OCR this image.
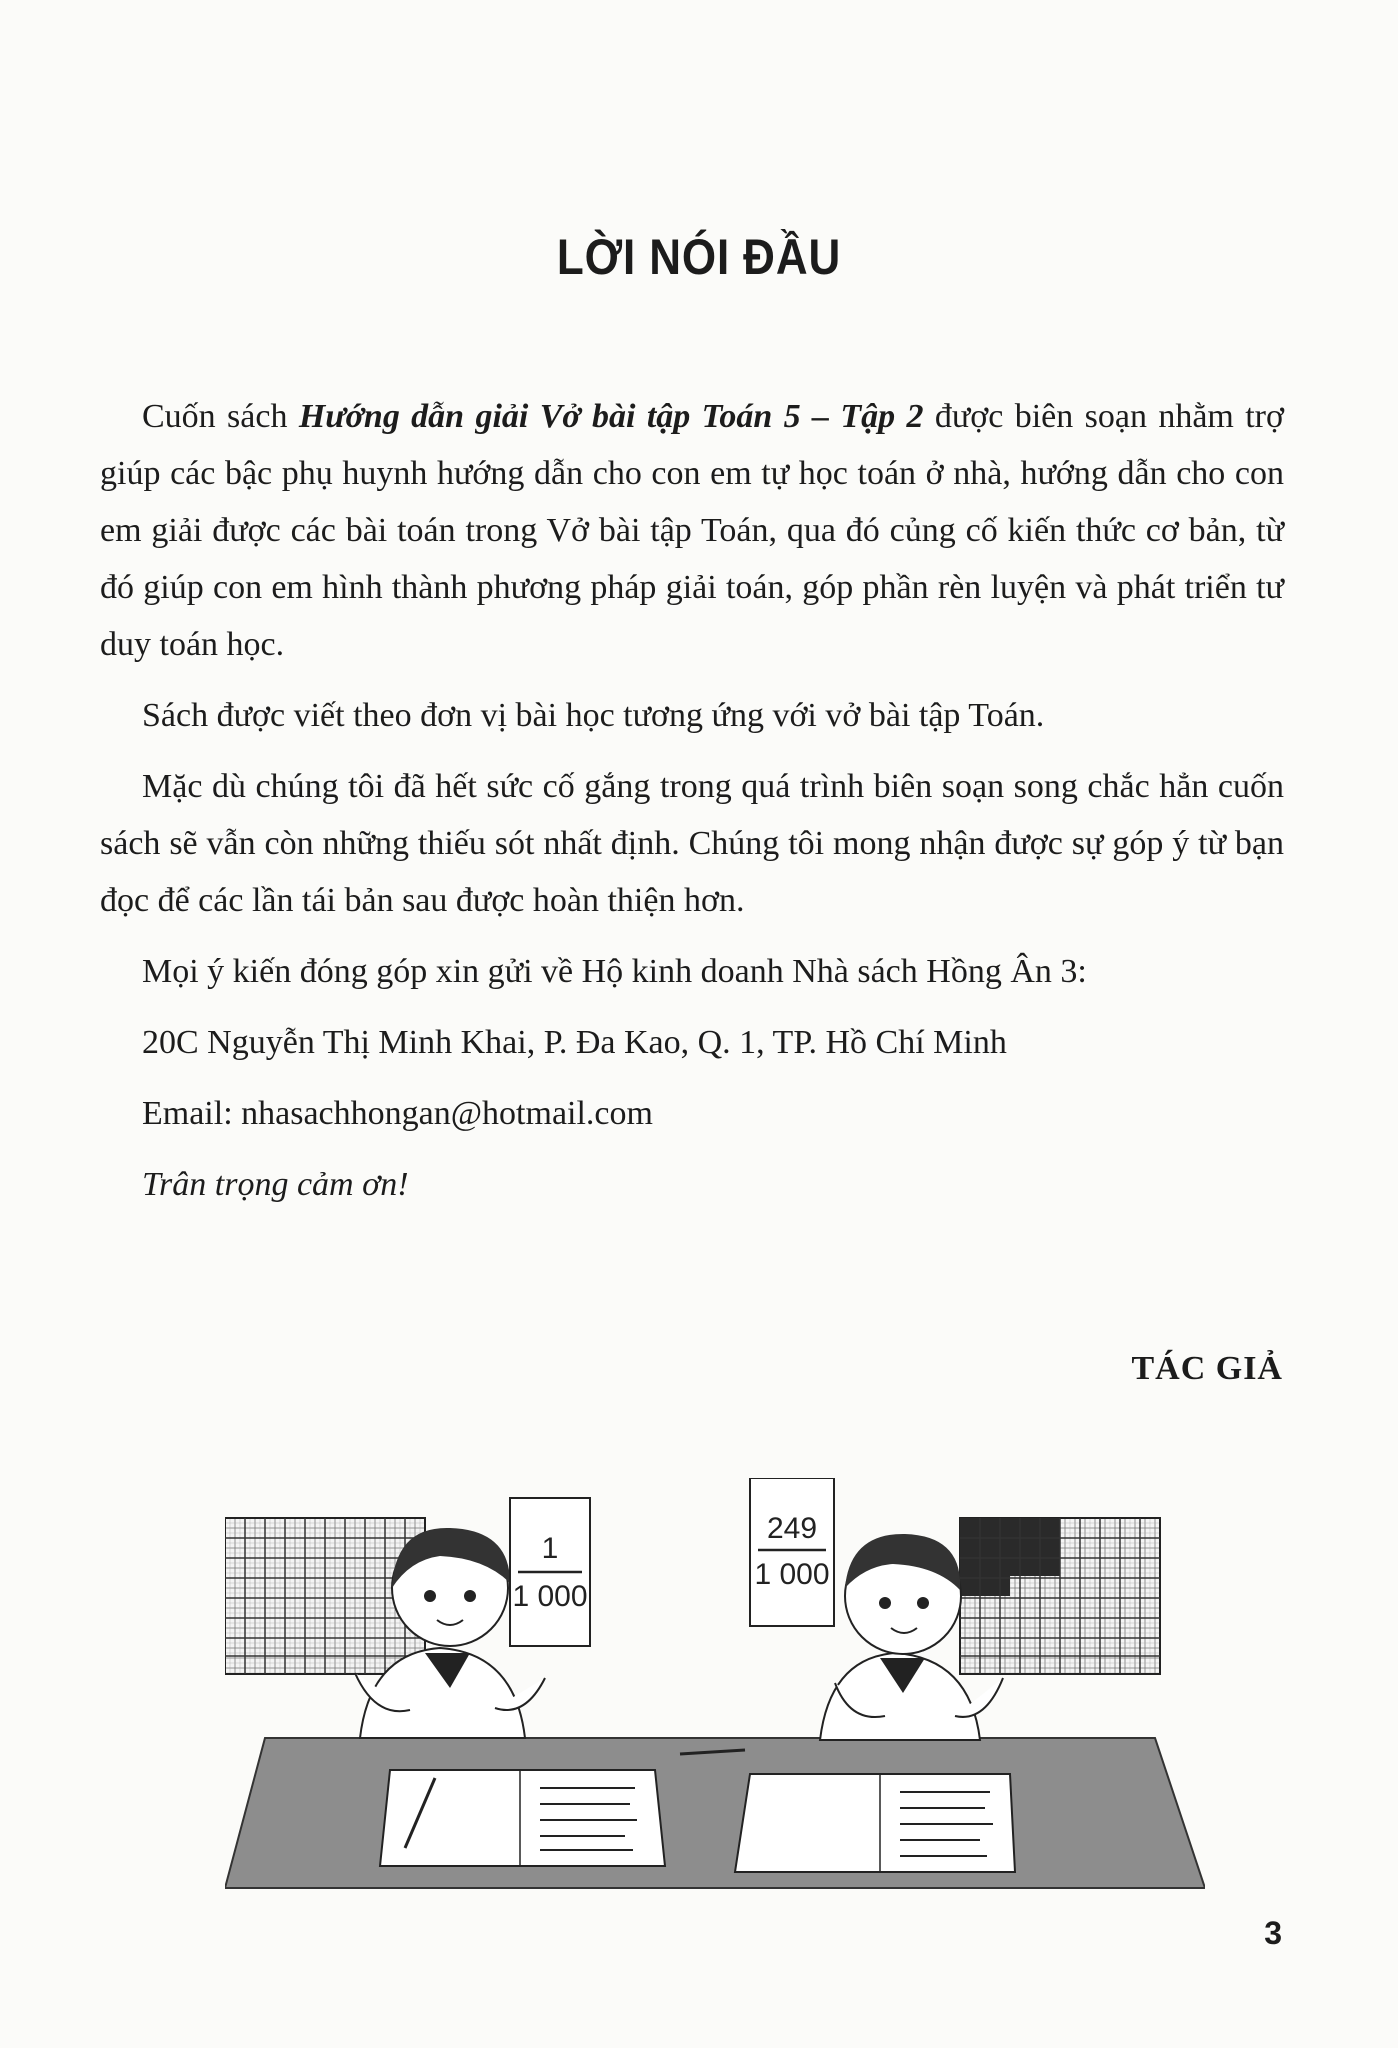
LỜI NÓI ĐẦU

Cuốn sách Hướng dẫn giải Vở bài tập Toán 5 – Tập 2 được biên soạn nhằm trợ giúp các bậc phụ huynh hướng dẫn cho con em tự học toán ở nhà, hướng dẫn cho con em giải được các bài toán trong Vở bài tập Toán, qua đó củng cố kiến thức cơ bản, từ đó giúp con em hình thành phương pháp giải toán, góp phần rèn luyện và phát triển tư duy toán học.

Sách được viết theo đơn vị bài học tương ứng với vở bài tập Toán.

Mặc dù chúng tôi đã hết sức cố gắng trong quá trình biên soạn song chắc hẳn cuốn sách sẽ vẫn còn những thiếu sót nhất định. Chúng tôi mong nhận được sự góp ý từ bạn đọc để các lần tái bản sau được hoàn thiện hơn.

Mọi ý kiến đóng góp xin gửi về Hộ kinh doanh Nhà sách Hồng Ân 3:

20C Nguyễn Thị Minh Khai, P. Đa Kao, Q. 1, TP. Hồ Chí Minh

Email: nhasachhongan@hotmail.com

Trân trọng cảm ơn!

TÁC GIẢ
1
1 000
249
1 000
3
